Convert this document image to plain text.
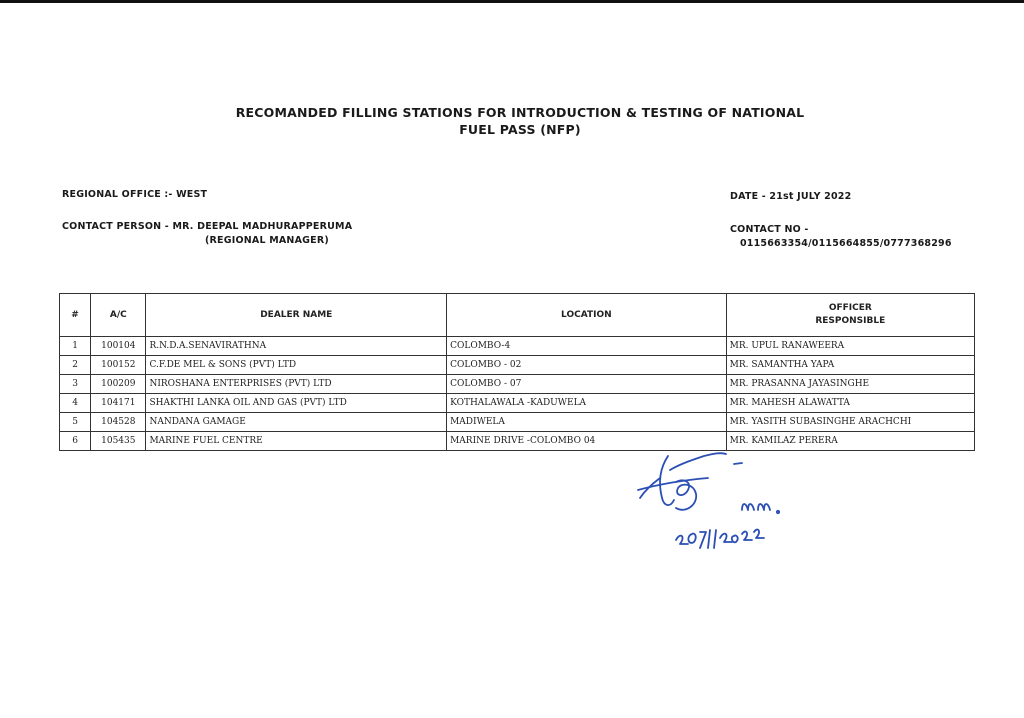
RECOMANDED FILLING STATIONS FOR INTRODUCTION & TESTING OF NATIONAL
FUEL PASS (NFP)
REGIONAL OFFICE :- WEST	DATE - 21st JULY 2022
CONTACT PERSON - MR. DEEPAL MADHURAPPERUMA
(REGIONAL MANAGER)
CONTACT NO -
0115663354/0115664855/0777368296
#	A/C	DEALER NAME	LOCATION	OFFICER
RESPONSIBLE
1	100104	R.N.D.A.SENAVIRATHNA	COLOMBO-4	MR. UPUL RANAWEERA
2	100152	C.F.DE MEL & SONS (PVT) LTD	COLOMBO - 02	MR. SAMANTHA YAPA
3	100209	NIROSHANA ENTERPRISES (PVT) LTD	COLOMBO - 07	MR. PRASANNA JAYASINGHE
4	104171	SHAKTHI LANKA OIL AND GAS (PVT) LTD	KOTHALAWALA -KADUWELA	MR. MAHESH ALAWATTA
5	104528	NANDANA GAMAGE	MADIWELA	MR. YASITH SUBASINGHE ARACHCHI
6	105435	MARINE FUEL CENTRE	MARINE DRIVE -COLOMBO 04	MR. KAMILAZ PERERA
